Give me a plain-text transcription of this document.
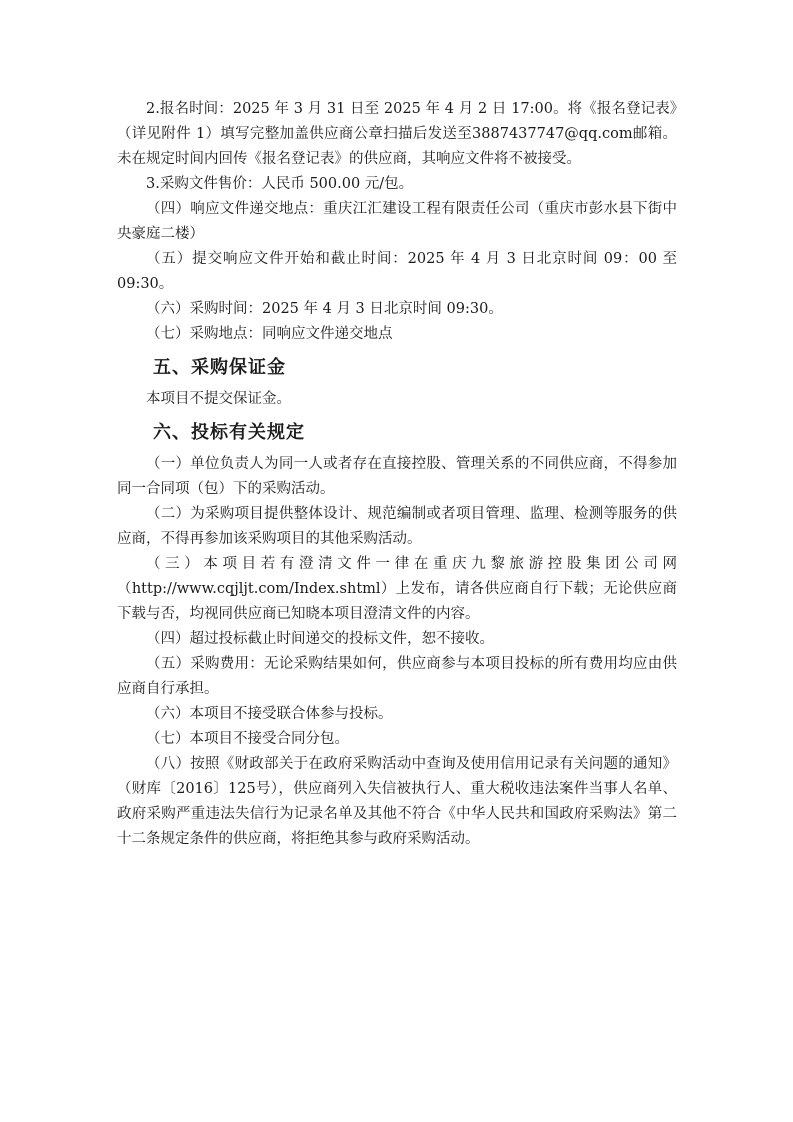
2.报名时间：2025 年 3 月 31 日至 2025 年 4 月 2 日 17:00。将《报名登记表》（详见附件 1）填写完整加盖供应商公章扫描后发送至3887437747@qq.com邮箱。未在规定时间内回传《报名登记表》的供应商，其响应文件将不被接受。

3.采购文件售价：人民币 500.00 元/包。

（四）响应文件递交地点：重庆江汇建设工程有限责任公司（重庆市彭水县下街中央豪庭二楼）

（五）提交响应文件开始和截止时间：2025 年 4 月 3 日北京时间 09：00 至09:30。

（六）采购时间：2025 年 4 月 3 日北京时间 09:30。

（七）采购地点：同响应文件递交地点

五、采购保证金

本项目不提交保证金。

六、投标有关规定

（一）单位负责人为同一人或者存在直接控股、管理关系的不同供应商，不得参加同一合同项（包）下的采购活动。

（二）为采购项目提供整体设计、规范编制或者项目管理、监理、检测等服务的供应商，不得再参加该采购项目的其他采购活动。

（三）本项目若有澄清文件一律在重庆九黎旅游控股集团公司网（http://www.cqjljt.com/Index.shtml）上发布，请各供应商自行下载；无论供应商下载与否，均视同供应商已知晓本项目澄清文件的内容。

（四）超过投标截止时间递交的投标文件，恕不接收。

（五）采购费用：无论采购结果如何，供应商参与本项目投标的所有费用均应由供应商自行承担。

（六）本项目不接受联合体参与投标。

（七）本项目不接受合同分包。

（八）按照《财政部关于在政府采购活动中查询及使用信用记录有关问题的通知》（财库〔2016〕125号），供应商列入失信被执行人、重大税收违法案件当事人名单、政府采购严重违法失信行为记录名单及其他不符合《中华人民共和国政府采购法》第二十二条规定条件的供应商，将拒绝其参与政府采购活动。
